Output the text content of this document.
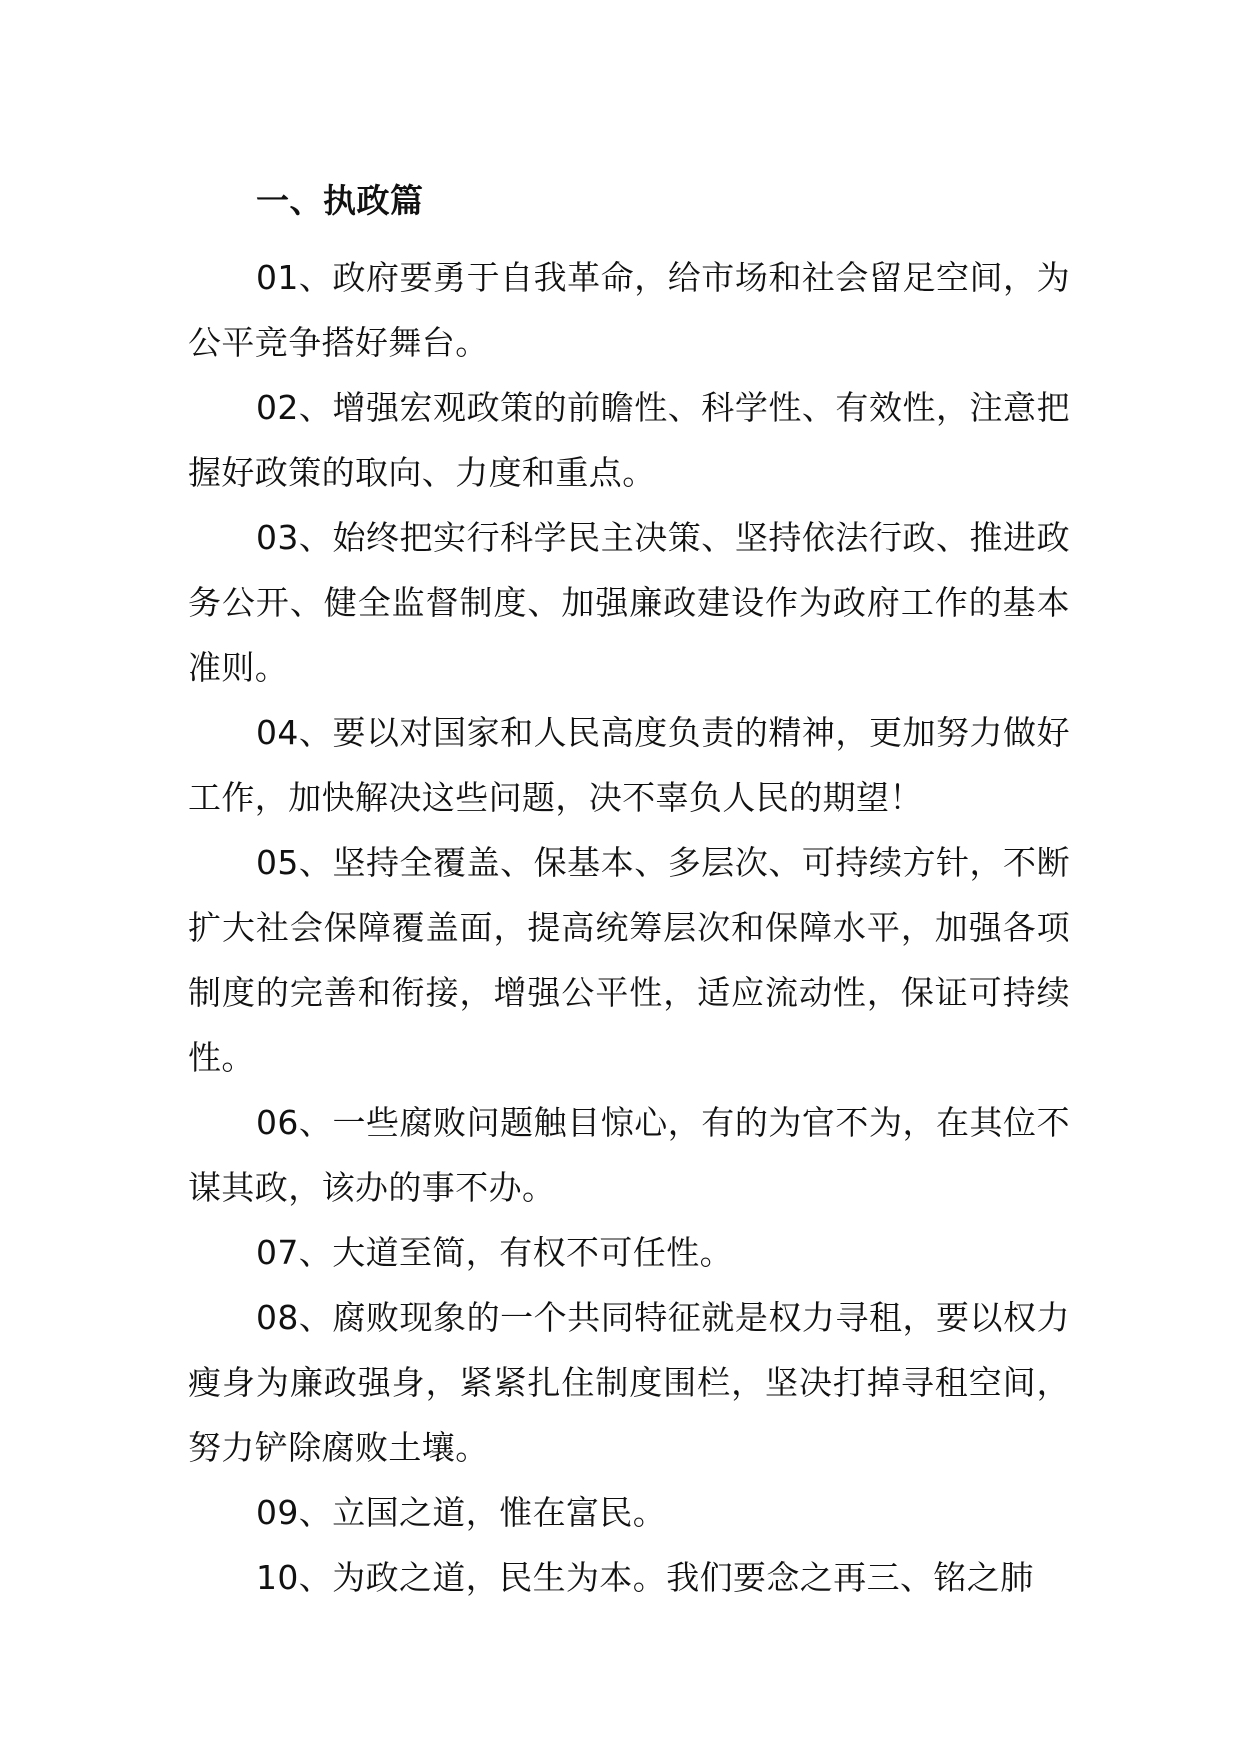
一、执政篇

01、政府要勇于自我革命，给市场和社会留足空间，为公平竞争搭好舞台。

02、增强宏观政策的前瞻性、科学性、有效性，注意把握好政策的取向、力度和重点。

03、始终把实行科学民主决策、坚持依法行政、推进政务公开、健全监督制度、加强廉政建设作为政府工作的基本准则。

04、要以对国家和人民高度负责的精神，更加努力做好工作，加快解决这些问题，决不辜负人民的期望！

05、坚持全覆盖、保基本、多层次、可持续方针，不断扩大社会保障覆盖面，提高统筹层次和保障水平，加强各项制度的完善和衔接，增强公平性，适应流动性，保证可持续性。

06、一些腐败问题触目惊心，有的为官不为，在其位不谋其政，该办的事不办。

07、大道至简，有权不可任性。

08、腐败现象的一个共同特征就是权力寻租，要以权力瘦身为廉政强身，紧紧扎住制度围栏，坚决打掉寻租空间，努力铲除腐败土壤。

09、立国之道，惟在富民。

10、为政之道，民生为本。我们要念之再三、铭之肺
